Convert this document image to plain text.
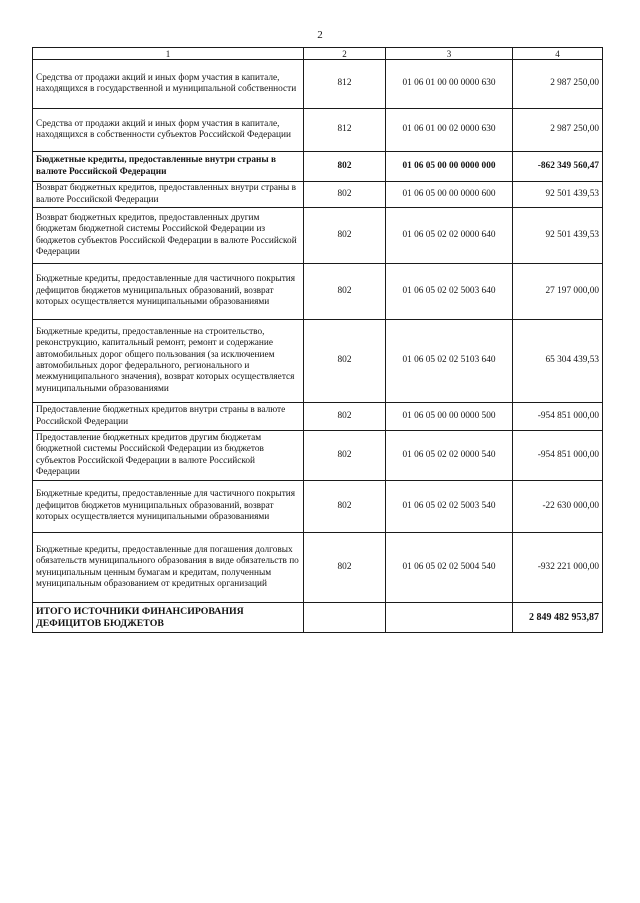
2
1	2	3	4
Средства от продажи акций и иных форм участия в капитале, находящихся в государственной и муниципальной собственности	812	01 06 01 00 00 0000 630	2 987 250,00
Средства от продажи акций и иных форм участия в капитале, находящихся в собственности субъектов Российской Федерации	812	01 06 01 00 02 0000 630	2 987 250,00
Бюджетные кредиты, предоставленные внутри страны в валюте Российской Федерации	802	01 06 05 00 00 0000 000	-862 349 560,47
Возврат бюджетных кредитов, предоставленных внутри страны в валюте Российской Федерации	802	01 06 05 00 00 0000 600	92 501 439,53
Возврат бюджетных кредитов, предоставленных другим бюджетам бюджетной системы Российской Федерации из бюджетов субъектов Российской Федерации в валюте Российской Федерации	802	01 06 05 02 02 0000 640	92 501 439,53
Бюджетные кредиты, предоставленные для частичного покрытия дефицитов бюджетов муниципальных образований, возврат которых осуществляется муниципальными образованиями	802	01 06 05 02 02 5003 640	27 197 000,00
Бюджетные кредиты, предоставленные на строительство, реконструкцию, капитальный ремонт, ремонт и содержание автомобильных дорог общего пользования (за исключением автомобильных дорог федерального, регионального и межмуниципального значения), возврат которых осуществляется муниципальными образованиями	802	01 06 05 02 02 5103 640	65 304 439,53
Предоставление бюджетных кредитов внутри страны в валюте Российской Федерации	802	01 06 05 00 00 0000 500	-954 851 000,00
Предоставление бюджетных кредитов другим бюджетам бюджетной системы Российской Федерации из бюджетов субъектов Российской Федерации в валюте Российской Федерации	802	01 06 05 02 02 0000 540	-954 851 000,00
Бюджетные кредиты, предоставленные для частичного покрытия дефицитов бюджетов муниципальных образований, возврат которых осуществляется муниципальными образованиями	802	01 06 05 02 02 5003 540	-22 630 000,00
Бюджетные кредиты, предоставленные для погашения долговых обязательств муниципального образования в виде обязательств по муниципальным ценным бумагам и кредитам, полученным муниципальным образованием от кредитных организаций	802	01 06 05 02 02 5004 540	-932 221 000,00
ИТОГО ИСТОЧНИКИ ФИНАНСИРОВАНИЯ ДЕФИЦИТОВ БЮДЖЕТОВ			2 849 482 953,87
